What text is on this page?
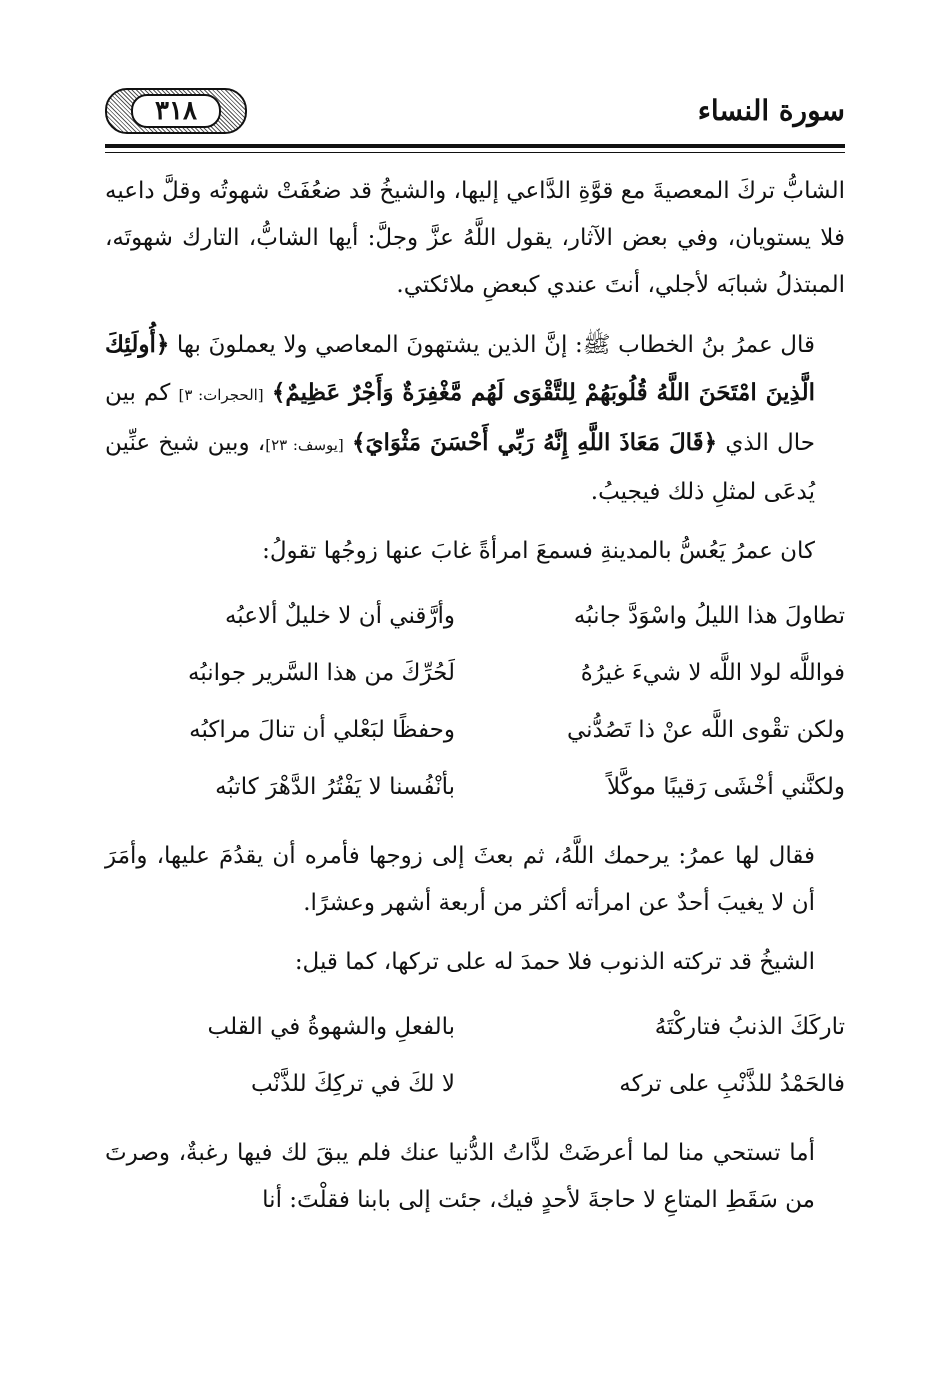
٣١٨	سورة النساء

الشابُّ تركَ المعصيةَ مع قوَّةِ الدَّاعي إليها، والشيخُ قد ضعُفَتْ شهوتُه وقلَّ داعيه فلا يستويان، وفي بعض الآثار، يقول اللَّهُ عزَّ وجلَّ: أيها الشابُّ، التارك شهوتَه، المبتذلُ شبابَه لأجلي، أنتَ عندي كبعضِ ملائكتي.

قال عمرُ بنُ الخطاب ﷺ: إنَّ الذين يشتهونَ المعاصي ولا يعملونَ بها ﴿أُولَئِكَ الَّذِينَ امْتَحَنَ اللَّهُ قُلُوبَهُمْ لِلتَّقْوَى لَهُم مَّغْفِرَةٌ وَأَجْرٌ عَظِيمٌ﴾ [الحجرات: ٣] كم بين حال الذي ﴿قَالَ مَعَاذَ اللَّهِ إِنَّهُ رَبِّي أَحْسَنَ مَثْوَايَ﴾ [يوسف: ٢٣]، وبين شيخ عنِّين يُدعَى لمثلِ ذلك فيجيبُ.

كان عمرُ يَعُسُّ بالمدينةِ فسمعَ امرأةً غابَ عنها زوجُها تقولُ:

تطاولَ هذا الليلُ واسْوَدَّ جانبُه
وأرَّقني أن لا خليلٌ ألاعبُه
فواللَّه لولا اللَّه لا شيءَ غيرُهُ
لَحُرِّكَ من هذا السَّرير جوانبُه
ولكن تقْوى اللَّه عنْ ذا تَصُدُّني
وحفظًا لبَعْلي أن تنالَ مراكبُه
ولكنَّني أخْشَى رَقيبًا موكَّلاً
بأنْفُسنا لا يَفْتُرُ الدَّهْرَ كاتبُه

فقال لها عمرُ: يرحمك اللَّهُ، ثم بعثَ إلى زوجها فأمره أن يقدُمَ عليها، وأمَرَ أن لا يغيبَ أحدٌ عن امرأته أكثر من أربعة أشهر وعشرًا.

الشيخُ قد تركته الذنوب فلا حمدَ له على تركها، كما قيل:

تاركَكَ الذنبُ فتاركْتَهُ
بالفعلِ والشهوةُ في القلب
فالحَمْدُ للذَّنْبِ على تركه
لا لكَ في تركِكَ للذَّنْب

أما تستحي منا لما أعرضَتْ لذَّاتُ الدُّنيا عنك فلم يبقَ لك فيها رغبةٌ، وصرتَ من سَقَطِ المتاعِ لا حاجةَ لأحدٍ فيك، جئت إلى بابنا فقلْتَ: أنا
